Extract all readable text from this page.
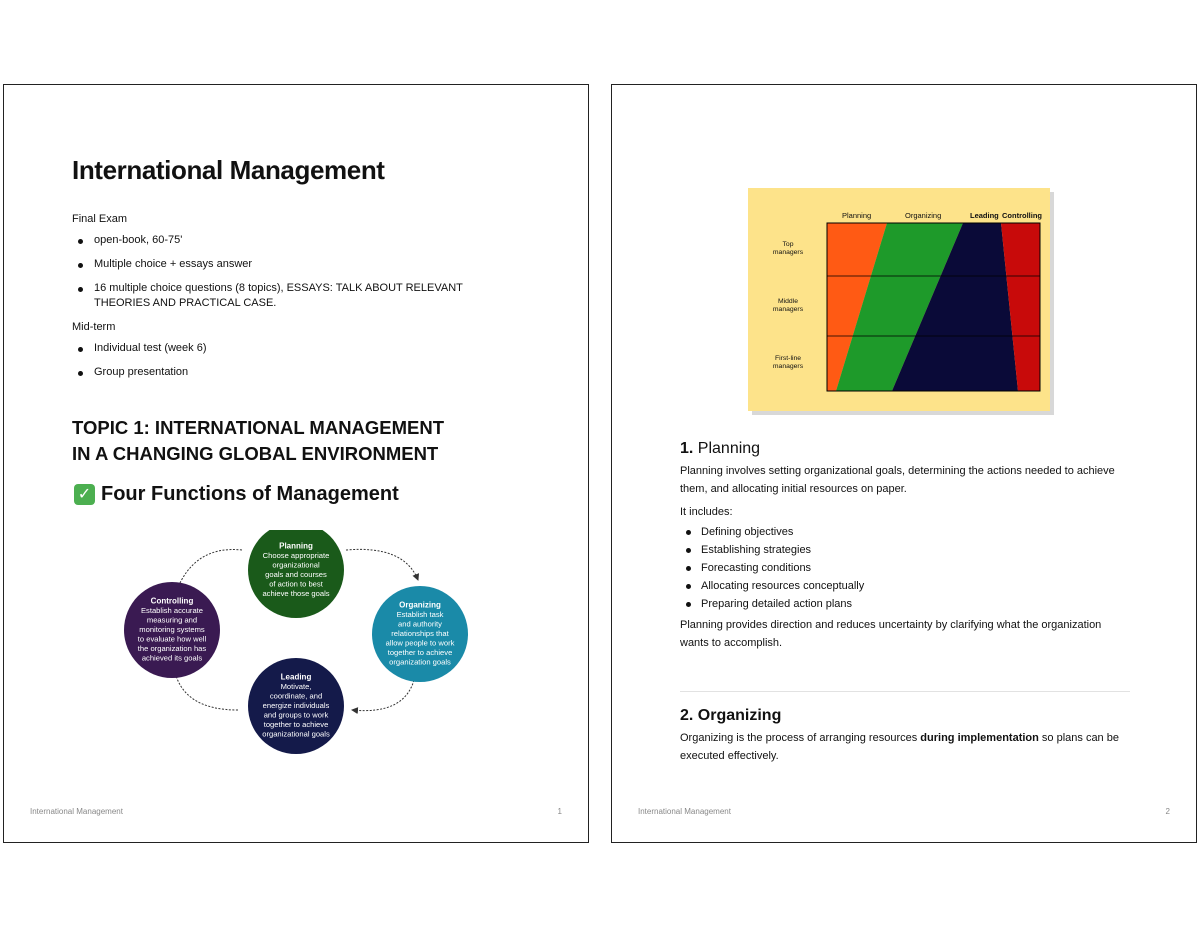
International Management

Final Exam

open-book, 60-75'
Multiple choice + essays answer
16 multiple choice questions (8 topics), ESSAYS: TALK ABOUT RELEVANT THEORIES AND PRACTICAL CASE.

Mid-term

Individual test (week 6)
Group presentation
TOPIC 1: INTERNATIONAL MANAGEMENT
IN A CHANGING GLOBAL ENVIRONMENT
✓ Four Functions of Management
Planning
Choose appropriate
organizational
goals and courses
of action to best
achieve those goals
Organizing
Establish task
and authority
relationships that
allow people to work
together to achieve
organization goals
Leading
Motivate,
coordinate, and
energize individuals
and groups to work
together to achieve
organizational goals
Controlling
Establish accurate
measuring and
monitoring systems
to evaluate how well
the organization has
achieved its goals
International Management	1
Planning	Organizing	Leading Controlling
Top
managers
Middle
managers
First-line
managers
1. Planning

Planning involves setting organizational goals, determining the actions needed to achieve them, and allocating initial resources on paper.

It includes:

Defining objectives
Establishing strategies
Forecasting conditions
Allocating resources conceptually
Preparing detailed action plans

Planning provides direction and reduces uncertainty by clarifying what the organization wants to accomplish.

2. Organizing

Organizing is the process of arranging resources during implementation so plans can be executed effectively.

International Management	2
